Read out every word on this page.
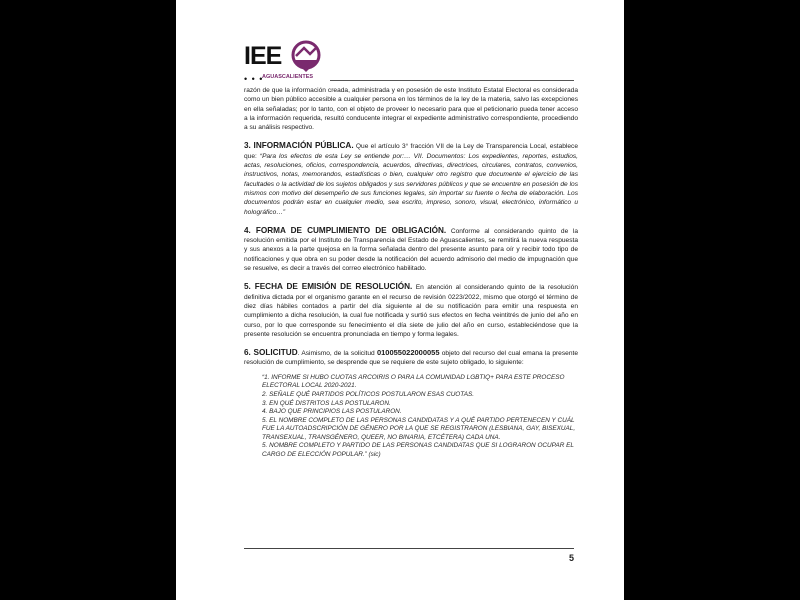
IEE
• • •
AGUASCALIENTES

razón de que la información creada, administrada y en posesión de este Instituto Estatal Electoral es considerada como un bien público accesible a cualquier persona en los términos de la ley de la materia, salvo las excepciones en ella señaladas; por lo tanto, con el objeto de proveer lo necesario para que el peticionario pueda tener acceso a la información requerida, resultó conducente integrar el expediente administrativo correspondiente, procediendo a su análisis respectivo.

3. INFORMACIÓN PÚBLICA. Que el artículo 3° fracción VII de la Ley de Transparencia Local, establece que: “Para los efectos de esta Ley se entiende por:… VII. Documentos: Los expedientes, reportes, estudios, actas, resoluciones, oficios, correspondencia, acuerdos, directivas, directrices, circulares, contratos, convenios, instructivos, notas, memorandos, estadísticas o bien, cualquier otro registro que documente el ejercicio de las facultades o la actividad de los sujetos obligados y sus servidores públicos y que se encuentre en posesión de los mismos con motivo del desempeño de sus funciones legales, sin importar su fuente o fecha de elaboración. Los documentos podrán estar en cualquier medio, sea escrito, impreso, sonoro, visual, electrónico, informático u holográfico…”

4. FORMA DE CUMPLIMIENTO DE OBLIGACIÓN. Conforme al considerando quinto de la resolución emitida por el Instituto de Transparencia del Estado de Aguascalientes, se remitirá la nueva respuesta y sus anexos a la parte quejosa en la forma señalada dentro del presente asunto para oír y recibir todo tipo de notificaciones y que obra en su poder desde la notificación del acuerdo admisorio del medio de impugnación que se resuelve, es decir a través del correo electrónico habilitado.

5. FECHA DE EMISIÓN DE RESOLUCIÓN. En atención al considerando quinto de la resolución definitiva dictada por el organismo garante en el recurso de revisión 0223/2022, mismo que otorgó el término de diez días hábiles contados a partir del día siguiente al de su notificación para emitir una respuesta en cumplimiento a dicha resolución, la cual fue notificada y surtió sus efectos en fecha veintitrés de junio del año en curso, por lo que corresponde su fenecimiento el día siete de julio del año en curso, estableciéndose que la presente resolución se encuentra pronunciada en tiempo y forma legales.

6. SOLICITUD. Asimismo, de la solicitud 010055022000055 objeto del recurso del cual emana la presente resolución de cumplimiento, se desprende que se requiere de este sujeto obligado, lo siguiente:

“1. INFORME SI HUBO CUOTAS ARCOIRIS O PARA LA COMUNIDAD LGBTIQ+ PARA ESTE PROCESO ELECTORAL LOCAL 2020-2021.
2. SEÑALE QUÉ PARTIDOS POLÍTICOS POSTULARON ESAS CUOTAS.
3. EN QUÉ DISTRITOS LAS POSTULARON.
4. BAJO QUE PRINCIPIOS LAS POSTULARON.
5. EL NOMBRE COMPLETO DE LAS PERSONAS CANDIDATAS Y A QUÉ PARTIDO PERTENECEN Y CUÁL FUE LA AUTOADSCRIPCIÓN DE GÉNERO POR LA QUE SE REGISTRARON (LESBIANA, GAY, BISEXUAL, TRANSEXUAL, TRANSGÉNERO, QUEER, NO BINARIA, ETCÉTERA) CADA UNA.
5. NOMBRE COMPLETO Y PARTIDO DE LAS PERSONAS CANDIDATAS QUE SI LOGRARON OCUPAR EL CARGO DE ELECCIÓN POPULAR.” (sic)
5
